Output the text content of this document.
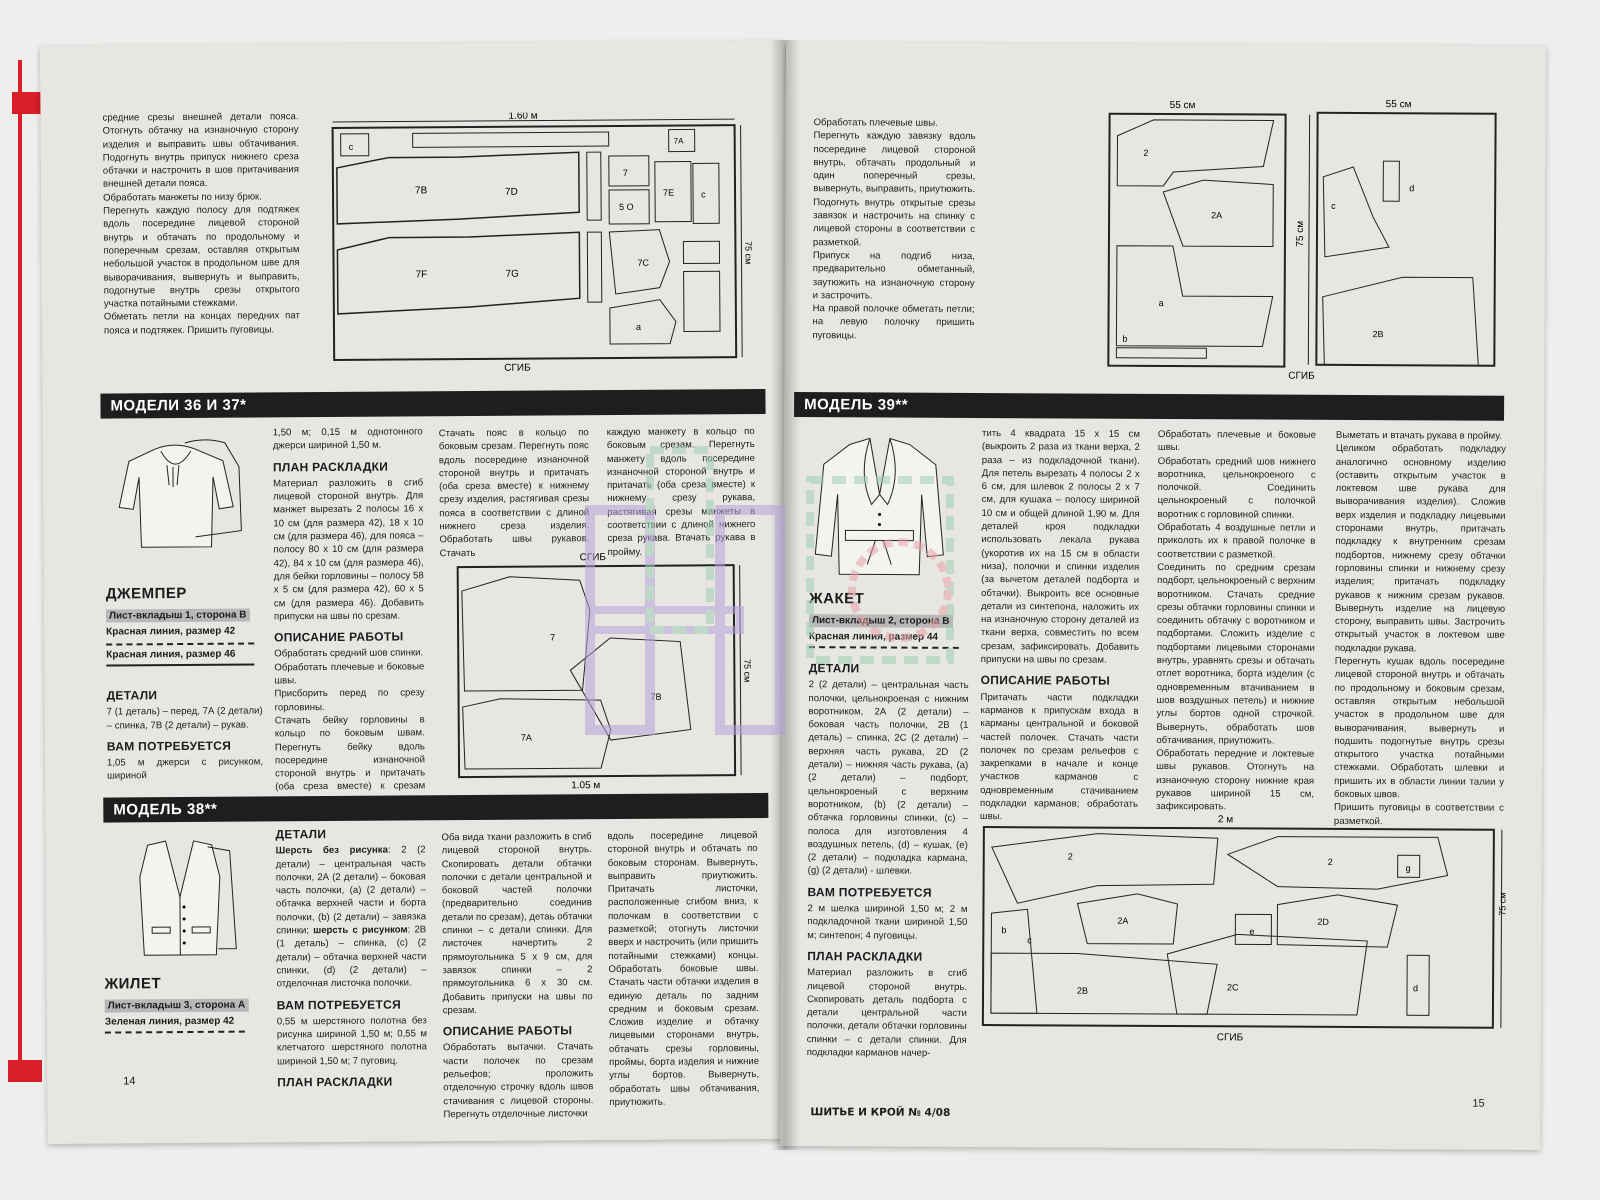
средние срезы внешней детали пояса. Отогнуть обтачку на изнаночную сторону изделия и выправить швы обтачивания. Подогнуть внутрь припуск нижнего среза обтачки и настрочить в шов притачивания внешней детали пояса.

Обработать манжеты по низу брюк.

Перегнуть каждую полосу для подтяжек вдоль посередине лицевой стороной внутрь и обтачать по продольному и поперечным срезам, оставляя открытым небольшой участок в продольном шве для выворачивания, вывернуть и выправить, подогнутые внутрь срезы открытого участка потайными стежками.

Обметать петли на концах передних пат пояса и подтяжек. Пришить пуговицы.

1.60 м
75 см
СГИБ
c
7A
7B	7D
7F	7G
7
5 O
7E	c
7C
a
МОДЕЛИ 36 И 37*
ДЖЕМПЕР
Лист-вкладыш 1, сторона В

Красная линия, размер 42
Красная линия, размер 46
ДЕТАЛИ

7 (1 деталь) – перед, 7А (2 детали) – спинка, 7В (2 детали) – рукав.

ВАМ ПОТРЕБУЕТСЯ

1,05 м джерси с рисунком, шириной

1,50 м; 0,15 м однотонного джерси шириной 1,50 м.

ПЛАН РАСКЛАДКИ

Материал разложить в сгиб лицевой стороной внутрь. Для манжет вырезать 2 полосы 16 х 10 см (для размера 42), 18 х 10 см (для размера 46), для пояса – полосу 80 х 10 см (для размера 42), 84 х 10 см (для размера 46), для бейки горловины – полосу 58 х 5 см (для размера 42), 60 х 5 см (для размера 46). Добавить припуски на швы по срезам.

ОПИСАНИЕ РАБОТЫ

Обработать средний шов спинки.

Обработать плечевые и боковые швы.

Присборить перед по срезу горловины.

Стачать бейку горловины в кольцо по боковым швам. Перегнуть бейку вдоль посередине изнаночной стороной внутрь и притачать (оба среза вместе) к срезам

Стачать пояс в кольцо по боковым срезам. Перегнуть пояс вдоль посередине изнаночной стороной внутрь и притачать (оба среза вместе) к нижнему срезу изделия, растягивая срезы пояса в соответствии с длиной нижнего среза изделия. Обработать швы рукавов. Стачать
каждую манжету в кольцо по боковым срезам. Перегнуть манжету вдоль посередине изнаночной стороной внутрь и притачать (оба среза вместе) к нижнему срезу рукава, растягивая срезы манжеты в соответствии с длиной нижнего среза рукава. Втачать рукава в пройму.
СГИБ
7
7B
7A
75 см
1.05 м
МОДЕЛЬ 38**
ЖИЛЕТ
Лист-вкладыш 3, сторона А

Зеленая линия, размер 42
ДЕТАЛИ

Шерсть без рисунка: 2 (2 детали) – центральная часть полочки, 2А (2 детали) – боковая часть полочки, (а) (2 детали) – обтачка верхней части и борта полочки, (b) (2 детали) – завязка спинки; шерсть с рисунком: 2В (1 деталь) – спинка, (с) (2 детали) – обтачка верхней части спинки, (d) (2 детали) – отделочная листочка полочки.

ВАМ ПОТРЕБУЕТСЯ

0,55 м шерстяного полотна без рисунка шириной 1,50 м; 0,55 м клетчатого шерстяного полотна шириной 1,50 м; 7 пуговиц.

ПЛАН РАСКЛАДКИ

Оба вида ткани разложить в сгиб лицевой стороной внутрь. Скопировать детали обтачки полочки с детали центральной и боковой частей полочки (предварительно соединив детали по срезам), детаь обтачки спинки – с детали спинки. Для листочек начертить 2 прямоугольника 5 х 9 см, для завязок спинки – 2 прямоугольника 6 х 30 см. Добавить припуски на швы по срезам.

ОПИСАНИЕ РАБОТЫ

Обработать вытачки. Стачать части полочек по срезам рельефов; проложить отделочную строчку вдоль швов стачивания с лицевой стороны. Перегнуть отделочные листочки

вдоль посередине лицевой стороной внутрь и обтачать по боковым сторонам. Вывернуть, выправить приутюжить. Притачать листочки, расположенные сгибом вниз, к полочкам в соответствии с разметкой; отогнуть листочки вверх и настрочить (или пришить потайными стежками) концы. Обработать боковые швы. Стачать части обтачки изделия в единую деталь по задним средним и боковым срезам. Сложив изделие и обтачку лицевыми сторонами внутрь, обтачать срезы горловины, проймы, борта изделия и нижние углы бортов. Вывернуть, обработать швы обтачивания, приутюжить.
14

Обработать плечевые швы.

Перегнуть каждую завязку вдоль посередине лицевой стороной внутрь, обтачать продольный и один поперечный срезы, вывернуть, выправить, приутюжить. Подогнуть внутрь открытые срезы завязок и настрочить на спинку с лицевой стороны в соответствии с разметкой.

Припуск на подгиб низа, предварительно обметанный, заутюжить на изнаночную сторону и застрочить.

На правой полочке обметать петли; на левую полочку пришить пуговицы.

55 см	55 см
2
2A
a
b
75 см
c
d
2B
СГИБ
МОДЕЛЬ 39**
ЖАКЕТ
Лист-вкладыш 2, сторона В

Красная линия, размер 44
ДЕТАЛИ

2 (2 детали) – центральная часть полочки, цельнокроеная с нижним воротником, 2А (2 детали) – боковая часть полочки, 2В (1 деталь) – спинка, 2С (2 детали) – верхняя часть рукава, 2D (2 детали) – нижняя часть рукава, (а) (2 детали) – подборт, цельнокроеный с верхним воротником, (b) (2 детали) – обтачка горловины спинки, (с) – полоса для изготовления 4 воздушных петель, (d) – кушак, (е) (2 детали) – подкладка кармана, (g) (2 детали) - шлевки.

ВАМ ПОТРЕБУЕТСЯ

2 м шелка шириной 1,50 м; 2 м подкладочной ткани шириной 1,50 м; синтепон; 4 пуговицы.

ПЛАН РАСКЛАДКИ

Материал разложить в сгиб лицевой стороной внутрь. Скопировать деталь подборта с детали центральной части полочки, детали обтачки горловины спинки – с детали спинки. Для подкладки карманов начер-

тить 4 квадрата 15 х 15 см (выкроить 2 раза из ткани верха, 2 раза – из подкладочной ткани). Для петель вырезать 4 полосы 2 х 6 см, для шлевок 2 полосы 2 х 7 см, для кушака – полосу шириной 10 см и общей длиной 1,90 м. Для деталей кроя подкладки использовать лекала рукава (укоротив их на 15 см в области низа), полочки и спинки изделия (за вычетом деталей подборта и обтачки). Выкроить все основные детали из синтепона, наложить их на изнаночную сторону деталей из ткани верха, совместить по всем срезам, зафиксировать. Добавить припуски на швы по срезам.

ОПИСАНИЕ РАБОТЫ

Притачать части подкладки карманов к припускам входа в карманы центральной и боковой частей полочек. Стачать части полочек по срезам рельефов с закрепками в начале и конце участков карманов с одновременным стачиванием подкладки карманов; обработать швы.

Обработать плечевые и боковые швы.

Обработать средний шов нижнего воротника, цельнокроеного с полочкой. Соединить цельнокроеный с полочкой воротник с горловиной спинки.

Обработать 4 воздушные петли и приколоть их к правой полочке в соответствии с разметкой.

Соединить по средним срезам подборт, цельнокроеный с верхним воротником. Стачать средние срезы обтачки горловины спинки и соединить обтачку с воротником и подбортами. Сложить изделие с подбортами лицевыми сторонами внутрь, уравнять срезы и обтачать отлет воротника, борта изделия (с одновременным втачиванием в шов воздушных петель) и нижние углы бортов одной строчкой. Вывернуть, обработать шов обтачивания, приутюжить.

Обработать передние и локтевые швы рукавов. Отогнуть на изнаночную сторону нижние края рукавов шириной 15 см, зафиксировать.

Выметать и втачать рукава в пройму.

Целиком обработать подкладку аналогично основному изделию (оставить открытым участок в локтевом шве рукава для выворачивания изделия). Сложив верх изделия и подкладку лицевыми сторонами внутрь, притачать подкладку к внутренним срезам подбортов, нижнему срезу обтачки горловины спинки и нижнему срезу изделия; притачать подкладку рукавов к нижним срезам рукавов. Вывернуть изделие на лицевую сторону, выправить швы. Застрочить открытый участок в локтевом шве подкладки рукава.

Перегнуть кушак вдоль посередине лицевой стороной внутрь и обтачать по продольному и боковым срезам, оставляя открытым небольшой участок в продольном шве для выворачивания, вывернуть и подшить подогнутые внутрь срезы открытого участка потайными стежками. Обработать шлевки и пришить их в области линии талии у боковых швов.

Пришить пуговицы в соответствии с разметкой.

2 м
75 см
2
2
2A	2D
2B	2C
b
c
e
g
d
СГИБ
ШИТЬЕ И КРОЙ № 4/08
15
